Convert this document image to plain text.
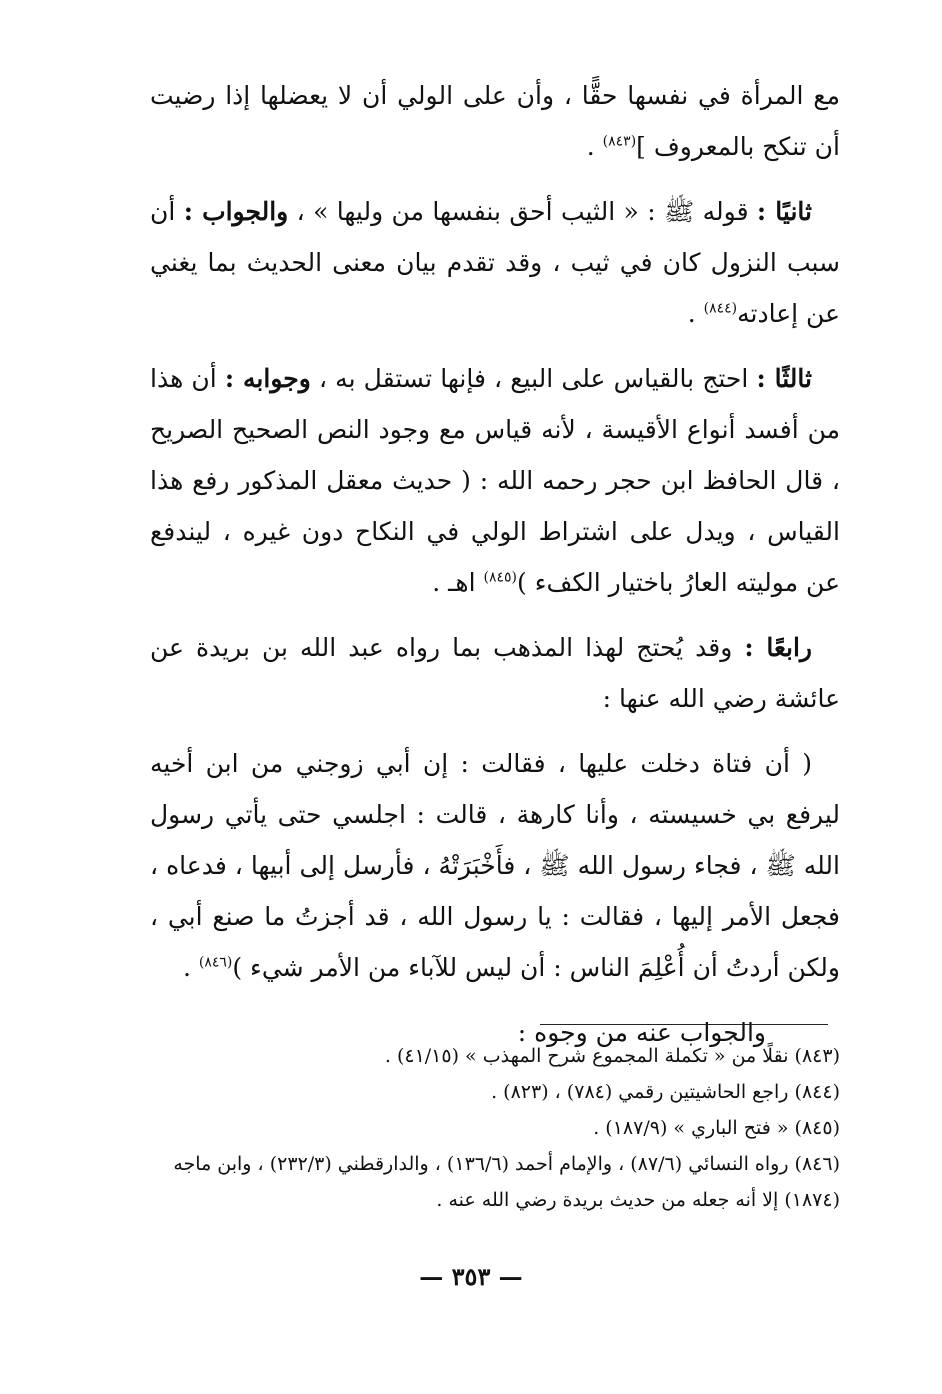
مع المرأة في نفسها حقًّا ، وأن على الولي أن لا يعضلها إذا رضيت أن تنكح بالمعروف ]$^{(٨٤٣)}$ .

ثانيًا : قوله ﷺ : « الثيب أحق بنفسها من وليها » ، والجواب : أن سبب النزول كان في ثيب ، وقد تقدم بيان معنى الحديث بما يغني عن إعادته$^{(٨٤٤)}$ .

ثالثًا : احتج بالقياس على البيع ، فإنها تستقل به ، وجوابه : أن هذا من أفسد أنواع الأقيسة ، لأنه قياس مع وجود النص الصحيح الصريح ، قال الحافظ ابن حجر رحمه الله : ( حديث معقل المذكور رفع هذا القياس ، ويدل على اشتراط الولي في النكاح دون غيره ، ليندفع عن موليته العارُ باختيار الكفء )$^{(٨٤٥)}$ اهـ .

رابعًا : وقد يُحتج لهذا المذهب بما رواه عبد الله بن بريدة عن عائشة رضي الله عنها :

( أن فتاة دخلت عليها ، فقالت : إن أبي زوجني من ابن أخيه ليرفع بي خسيسته ، وأنا كارهة ، قالت : اجلسي حتى يأتي رسول الله ﷺ ، فجاء رسول الله ﷺ ، فأَخْبَرَتْهُ ، فأرسل إلى أبيها ، فدعاه ، فجعل الأمر إليها ، فقالت : يا رسول الله ، قد أجزتُ ما صنع أبي ، ولكن أردتُ أن أُعْلِمَ الناس : أن ليس للآباء من الأمر شيء )$^{(٨٤٦)}$ .

والجواب عنه من وجوه :

(٨٤٣) نقلًا من « تكملة المجموع شرح المهذب » (٤١/١٥) .

(٨٤٤) راجع الحاشيتين رقمي (٧٨٤) ، (٨٢٣) .

(٨٤٥) « فتح الباري » (١٨٧/٩) .

(٨٤٦) رواه النسائي (٨٧/٦) ، والإمام أحمد (١٣٦/٦) ، والدارقطني (٢٣٢/٣) ، وابن ماجه (١٨٧٤) إلا أنه جعله من حديث بريدة رضي الله عنه .

— ٣٥٣ —
